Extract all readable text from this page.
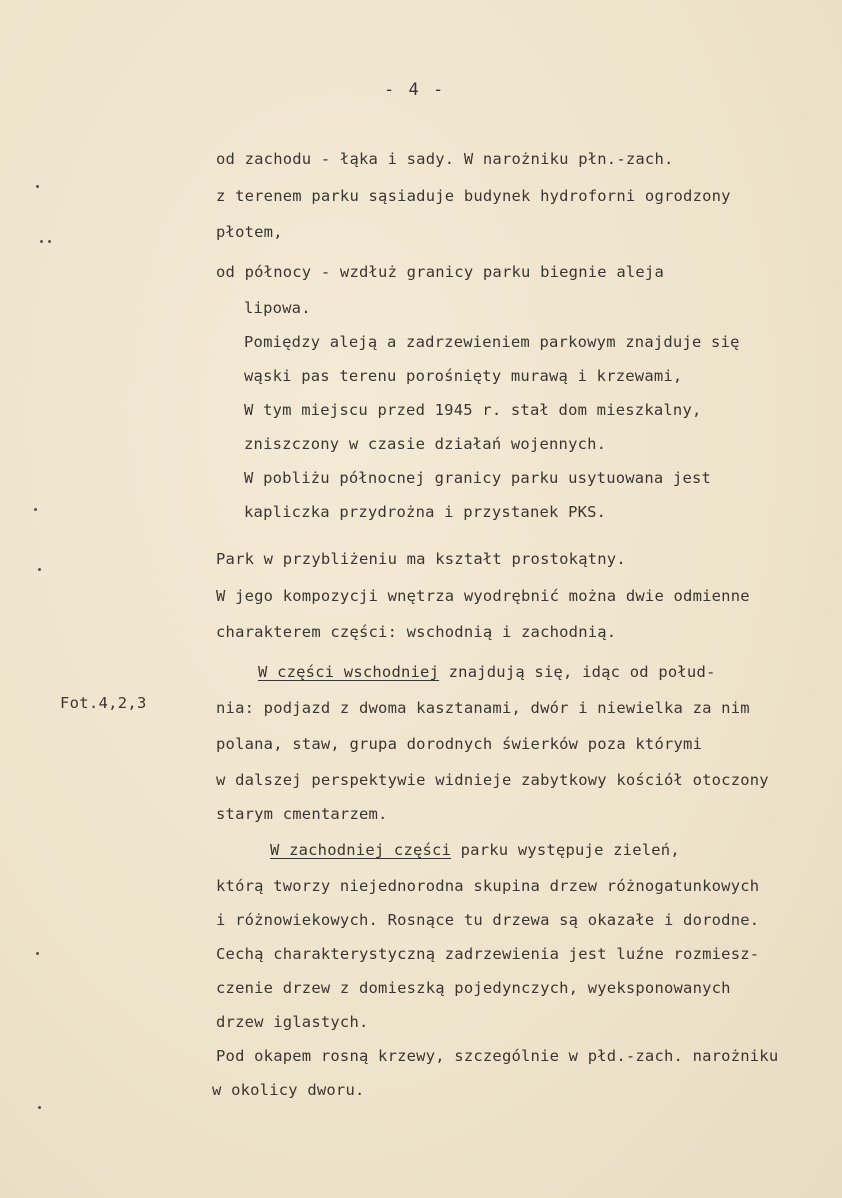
- 4 -
Fot.4,2,3
od zachodu - łąka i sady. W narożniku płn.-zach.
z terenem parku sąsiaduje budynek hydroforni ogrodzony
płotem,
od północy - wzdłuż granicy parku biegnie aleja
lipowa.
Pomiędzy aleją a zadrzewieniem parkowym znajduje się
wąski pas terenu porośnięty murawą i krzewami,
W tym miejscu przed 1945 r. stał dom mieszkalny,
zniszczony w czasie działań wojennych.
W pobliżu północnej granicy parku usytuowana jest
kapliczka przydrożna i przystanek PKS.
Park w przybliżeniu ma kształt prostokątny.
W jego kompozycji wnętrza wyodrębnić można dwie odmienne
charakterem części: wschodnią i zachodnią.
W części wschodniej znajdują się, idąc od połud-
nia: podjazd z dwoma kasztanami, dwór i niewielka za nim
polana, staw, grupa dorodnych świerków poza którymi
w dalszej perspektywie widnieje zabytkowy kościół otoczony
starym cmentarzem.
W zachodniej części parku występuje zieleń,
którą tworzy niejednorodna skupina drzew różnogatunkowych
i różnowiekowych. Rosnące tu drzewa są okazałe i dorodne.
Cechą charakterystyczną zadrzewienia jest luźne rozmiesz-
czenie drzew z domieszką pojedynczych, wyeksponowanych
drzew iglastych.
Pod okapem rosną krzewy, szczególnie w płd.-zach. narożniku
w okolicy dworu.
